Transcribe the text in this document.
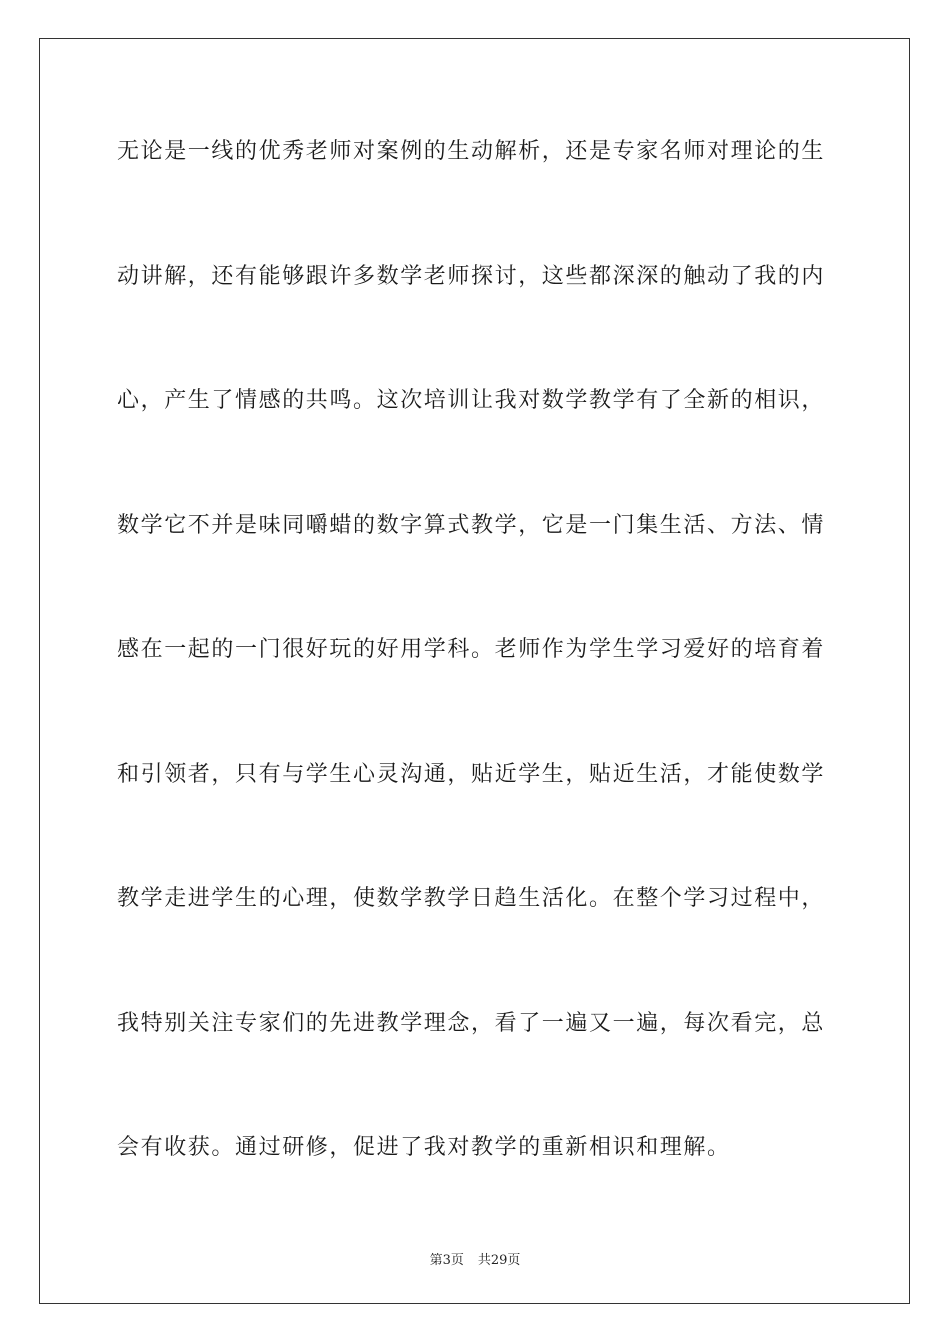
无论是一线的优秀老师对案例的生动解析，还是专家名师对理论的生
动讲解，还有能够跟许多数学老师探讨，这些都深深的触动了我的内
心，产生了情感的共鸣。这次培训让我对数学教学有了全新的相识，
数学它不并是味同嚼蜡的数字算式教学，它是一门集生活、方法、情
感在一起的一门很好玩的好用学科。老师作为学生学习爱好的培育着
和引领者，只有与学生心灵沟通，贴近学生，贴近生活，才能使数学
教学走进学生的心理，使数学教学日趋生活化。在整个学习过程中，
我特别关注专家们的先进教学理念，看了一遍又一遍，每次看完，总
会有收获。通过研修，促进了我对教学的重新相识和理解。
第3页 共29页
